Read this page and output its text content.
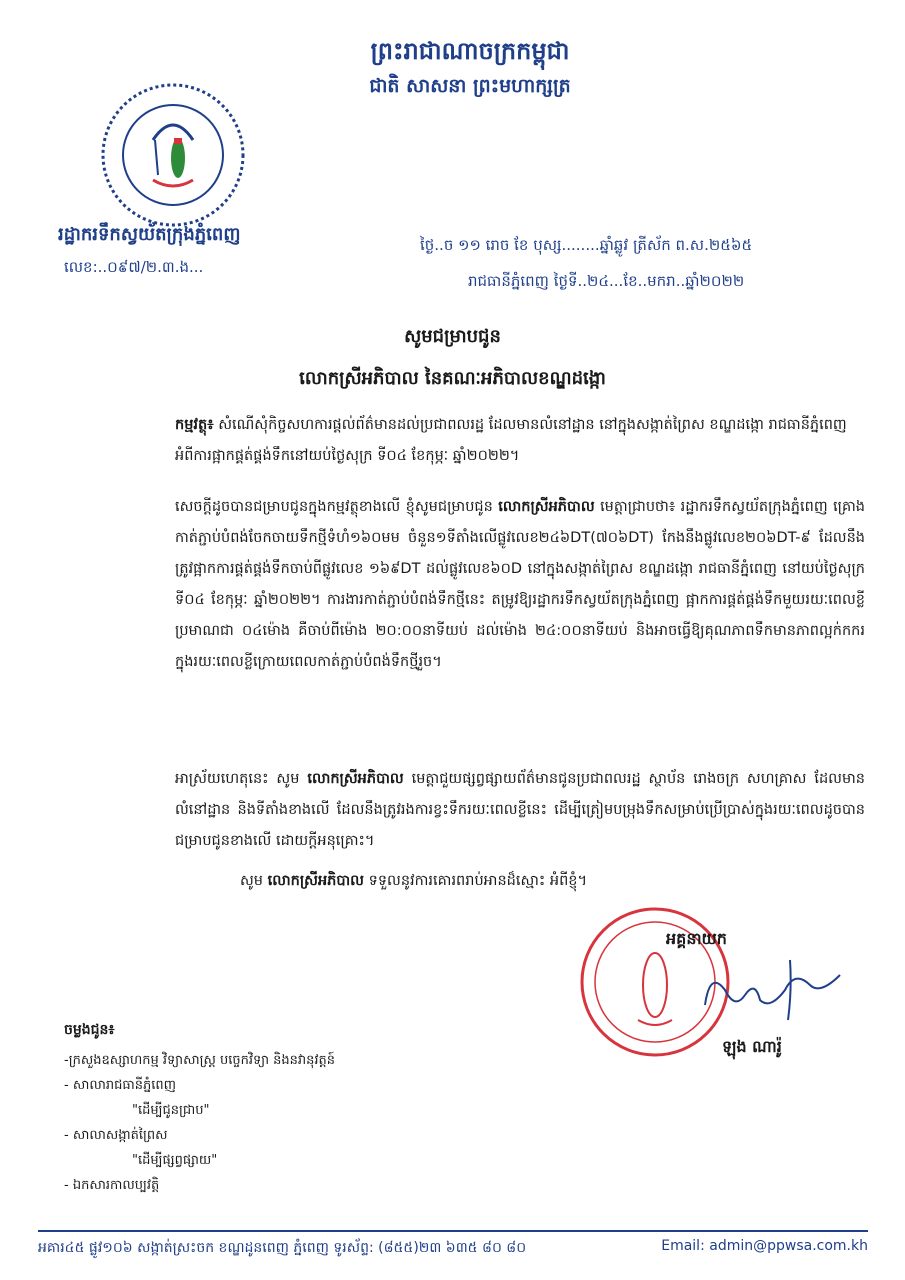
ព្រះរាជាណាចក្រកម្ពុជា
ជាតិ សាសនា ព្រះមហាក្សត្រ
រដ្ឋាករទឹកស្វយ័តក្រុងភ្នំពេញ
លេខ:..០៩៧/២.៣.ង...
ថ្ងៃ..ច ១១ រោច ខែ បុស្ស........ឆ្នាំឆ្លូវ ត្រីស័ក ព.ស.២៥៦៥
រាជធានីភ្នំពេញ ថ្ងៃទី..២៤...ខែ..មករា..ឆ្នាំ២០២២
សូមជម្រាបជូន
លោកស្រីអភិបាល នៃគណៈអភិបាលខណ្ឌដង្កោ
កម្មវត្ថុ៖ សំណើសុំកិច្ចសហការផ្តល់ព័ត៌មានដល់ប្រជាពលរដ្ឋ ដែលមានលំនៅដ្ឋាន នៅក្នុងសង្កាត់ព្រៃស ខណ្ឌដង្កោ រាជធានីភ្នំពេញ អំពីការផ្អាកផ្គត់ផ្គង់ទឹកនៅយប់ថ្ងៃសុក្រ ទី០៤ ខែកុម្ភៈ ឆ្នាំ២០២២។
សេចក្តីដូចបានជម្រាបជូនក្នុងកម្មវត្ថុខាងលើ ខ្ញុំសូមជម្រាបជូន លោកស្រីអភិបាល មេត្តាជ្រាបថា៖ រដ្ឋាករទឹកស្វយ័តក្រុងភ្នំពេញ គ្រោងកាត់ភ្ជាប់បំពង់ចែកចាយទឹកថ្មីទំហំ១៦០មម ចំនួន១ទីតាំងលើផ្លូវលេខ២៤៦DT(៧០៦DT) កែងនឹងផ្លូវលេខ២០៦DT-៩ ដែលនឹងត្រូវផ្អាកការផ្គត់ផ្គង់ទឹកចាប់ពីផ្លូវលេខ ១៦៩DT ដល់ផ្លូវលេខ៦០D នៅក្នុងសង្កាត់ព្រៃស ខណ្ឌដង្កោ រាជធានីភ្នំពេញ នៅយប់ថ្ងៃសុក្រ ទី០៤ ខែកុម្ភៈ ឆ្នាំ២០២២។ ការងារកាត់ភ្ជាប់បំពង់ទឹកថ្មីនេះ តម្រូវឱ្យរដ្ឋាករទឹកស្វយ័តក្រុងភ្នំពេញ ផ្អាកការផ្គត់ផ្គង់ទឹកមួយរយៈពេលខ្លីប្រមាណជា ០៤ម៉ោង គឺចាប់ពីម៉ោង ២០:០០នាទីយប់ ដល់ម៉ោង ២៤:០០នាទីយប់ និងអាចធ្វើឱ្យគុណភាពទឹកមានភាពល្អក់កករក្នុងរយៈពេលខ្លីក្រោយពេលកាត់ភ្ជាប់បំពង់ទឹកថ្មីរួច។
អាស្រ័យហេតុនេះ សូម លោកស្រីអភិបាល មេត្តាជួយផ្សព្វផ្សាយព័ត៌មានជូនប្រជាពលរដ្ឋ ស្ថាប័ន រោងចក្រ សហគ្រាស ដែលមានលំនៅដ្ឋាន និងទីតាំងខាងលើ ដែលនឹងត្រូវរងការខ្វះទឹករយៈពេលខ្លីនេះ ដើម្បីត្រៀមបម្រុងទឹកសម្រាប់ប្រើប្រាស់ក្នុងរយៈពេលដូចបានជម្រាបជូនខាងលើ ដោយក្តីអនុគ្រោះ។
សូម លោកស្រីអភិបាល ទទួលនូវការគោរពរាប់អានដ៏ស្មោះ អំពីខ្ញុំ។
អគ្គនាយក
ឡុង ណារ៉ូ
ចម្លងជូន៖
-ក្រសួងឧស្សាហកម្ម វិទ្យាសាស្ត្រ បច្ចេកវិទ្យា និងនវានុវត្តន៍
- សាលារាជធានីភ្នំពេញ
"ដើម្បីជូនជ្រាប"
- សាលាសង្កាត់ព្រៃស
"ដើម្បីផ្សព្វផ្សាយ"
- ឯកសារកាលប្បវត្តិ
អគារ៤៥ ផ្លូវ១០៦ សង្កាត់ស្រះចក ខណ្ឌដូនពេញ ភ្នំពេញ ទូរស័ព្ទ: (៨៥៥)២៣ ៦៣៥ ៨០ ៨០	Email: admin@ppwsa.com.kh
